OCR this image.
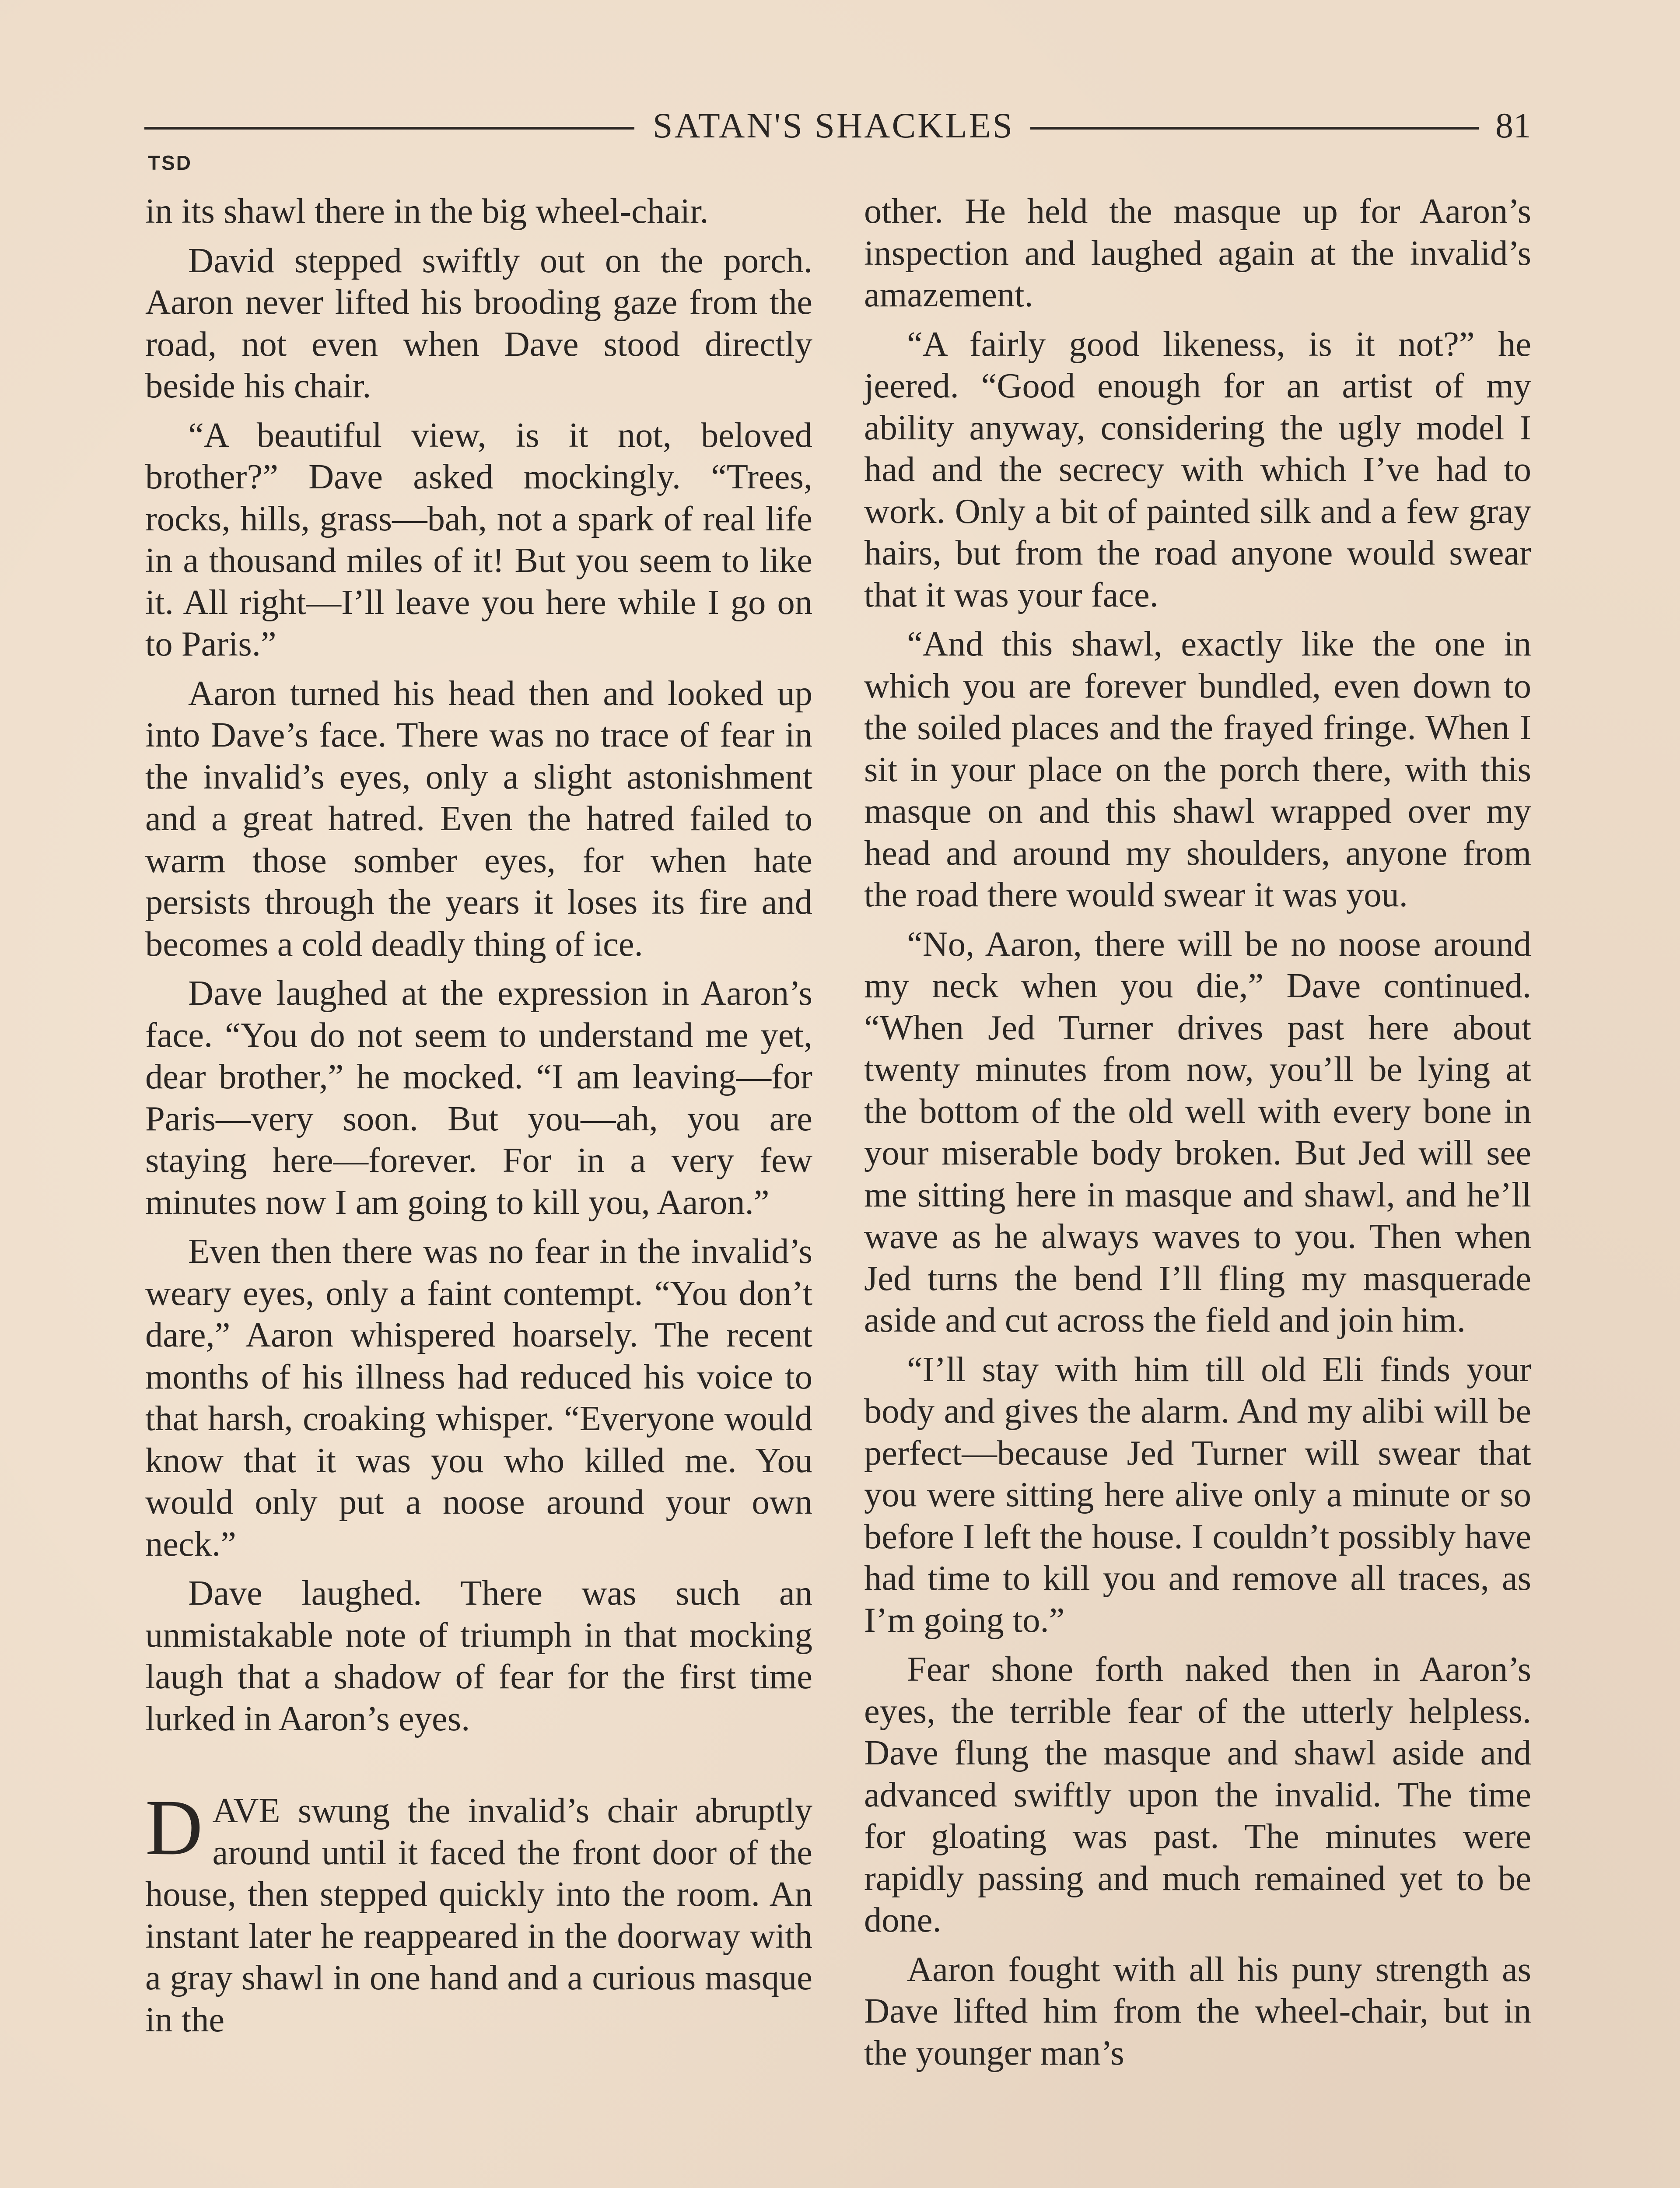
SATAN'S SHACKLES	81
TSD

in its shawl there in the big wheel-chair.

David stepped swiftly out on the porch. Aaron never lifted his brooding gaze from the road, not even when Dave stood directly beside his chair.

“A beautiful view, is it not, beloved brother?” Dave asked mockingly. “Trees, rocks, hills, grass—bah, not a spark of real life in a thousand miles of it! But you seem to like it. All right—I’ll leave you here while I go on to Paris.”

Aaron turned his head then and looked up into Dave’s face. There was no trace of fear in the invalid’s eyes, only a slight astonishment and a great hatred. Even the hatred failed to warm those somber eyes, for when hate persists through the years it loses its fire and becomes a cold deadly thing of ice.

Dave laughed at the expression in Aaron’s face. “You do not seem to understand me yet, dear brother,” he mocked. “I am leaving—for Paris—very soon. But you—ah, you are staying here—forever. For in a very few minutes now I am going to kill you, Aaron.”

Even then there was no fear in the invalid’s weary eyes, only a faint contempt. “You don’t dare,” Aaron whispered hoarsely. The recent months of his illness had reduced his voice to that harsh, croaking whisper. “Everyone would know that it was you who killed me. You would only put a noose around your own neck.”

Dave laughed. There was such an unmistakable note of triumph in that mocking laugh that a shadow of fear for the first time lurked in Aaron’s eyes.

DAVE swung the invalid’s chair abruptly around until it faced the front door of the house, then stepped quickly into the room. An instant later he reappeared in the doorway with a gray shawl in one hand and a curious masque in the

other. He held the masque up for Aaron’s inspection and laughed again at the invalid’s amazement.

“A fairly good likeness, is it not?” he jeered. “Good enough for an artist of my ability anyway, considering the ugly model I had and the secrecy with which I’ve had to work. Only a bit of painted silk and a few gray hairs, but from the road anyone would swear that it was your face.

“And this shawl, exactly like the one in which you are forever bundled, even down to the soiled places and the frayed fringe. When I sit in your place on the porch there, with this masque on and this shawl wrapped over my head and around my shoulders, anyone from the road there would swear it was you.

“No, Aaron, there will be no noose around my neck when you die,” Dave continued. “When Jed Turner drives past here about twenty minutes from now, you’ll be lying at the bottom of the old well with every bone in your miserable body broken. But Jed will see me sitting here in masque and shawl, and he’ll wave as he always waves to you. Then when Jed turns the bend I’ll fling my masquerade aside and cut across the field and join him.

“I’ll stay with him till old Eli finds your body and gives the alarm. And my alibi will be perfect—because Jed Turner will swear that you were sitting here alive only a minute or so before I left the house. I couldn’t possibly have had time to kill you and remove all traces, as I’m going to.”

Fear shone forth naked then in Aaron’s eyes, the terrible fear of the utterly helpless. Dave flung the masque and shawl aside and advanced swiftly upon the invalid. The time for gloating was past. The minutes were rapidly passing and much remained yet to be done.

Aaron fought with all his puny strength as Dave lifted him from the wheel-chair, but in the younger man’s
